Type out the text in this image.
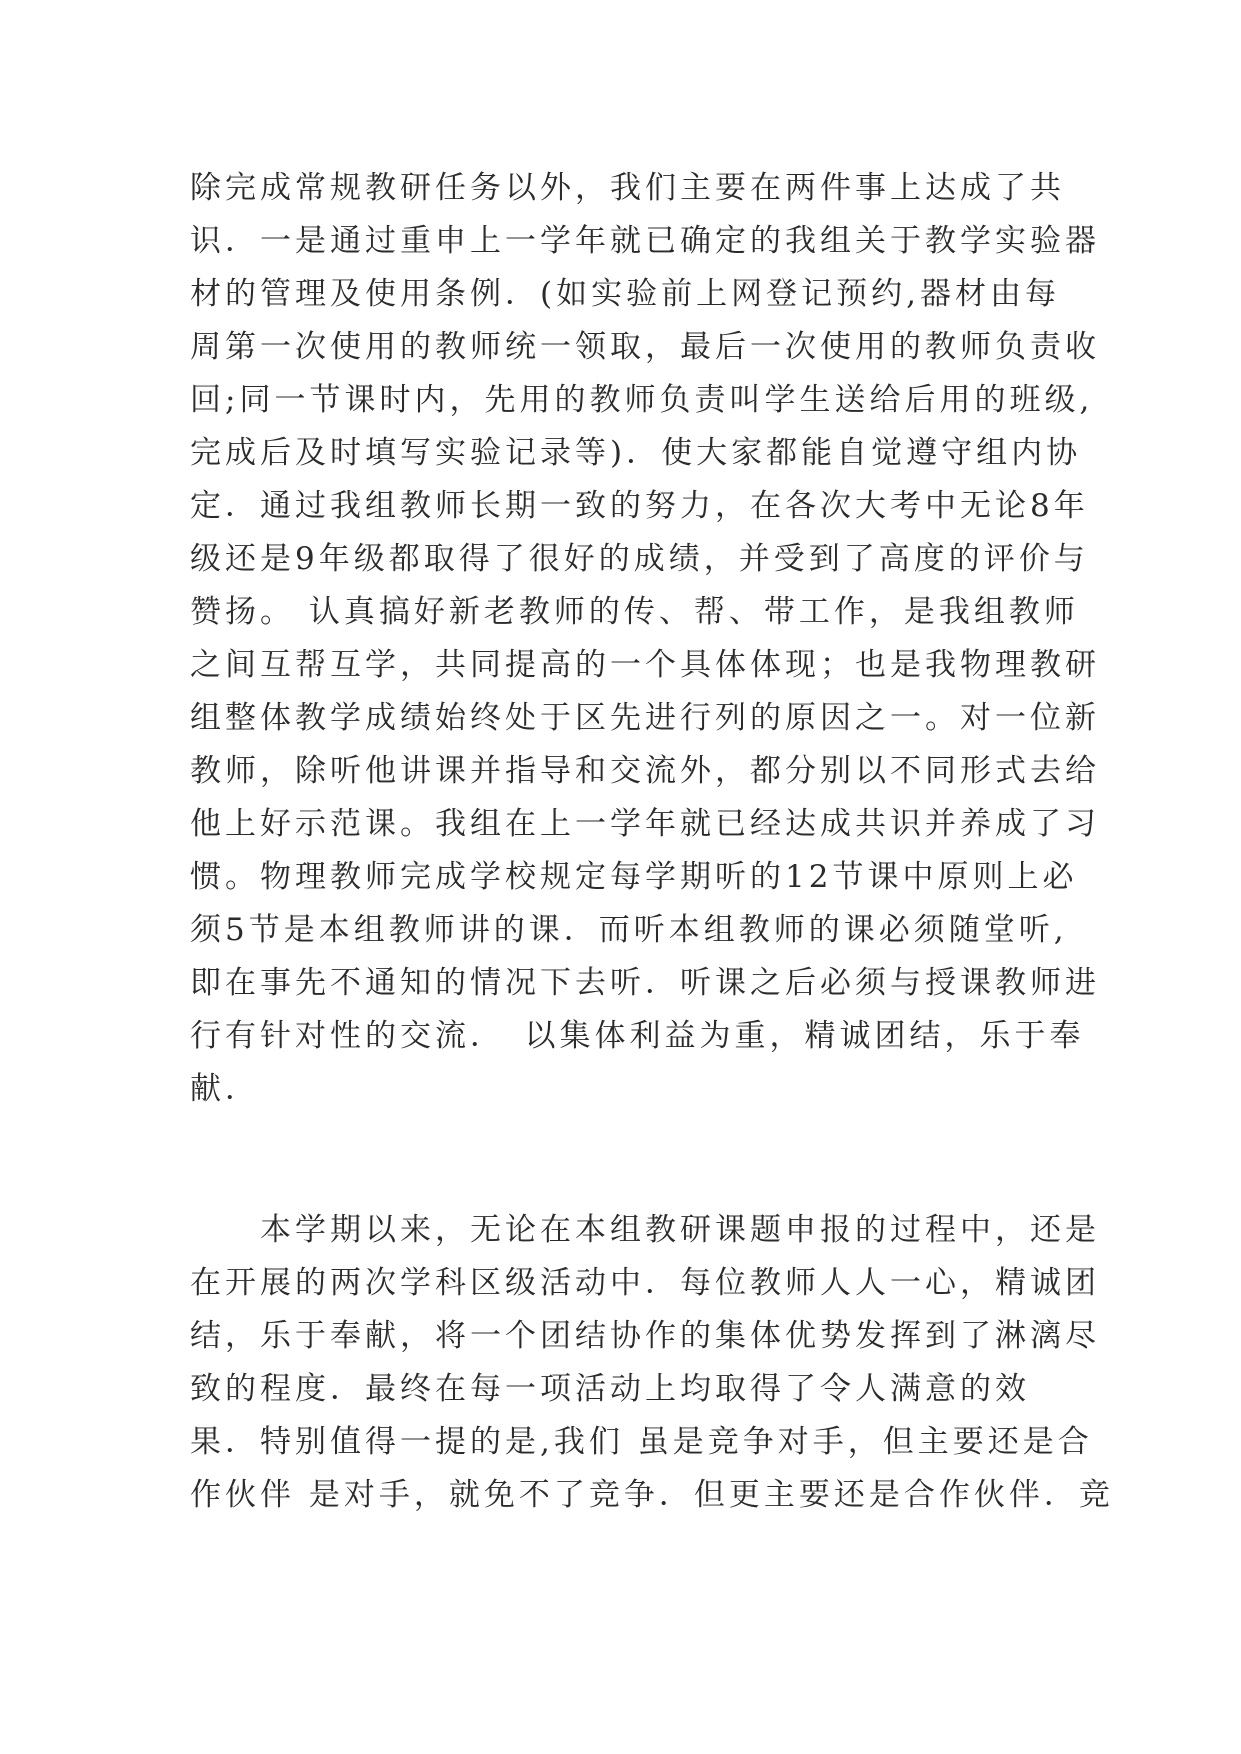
除完成常规教研任务以外，我们主要在两件事上达成了共
识．一是通过重申上一学年就已确定的我组关于教学实验器
材的管理及使用条例．(如实验前上网登记预约,器材由每
周第一次使用的教师统一领取，最后一次使用的教师负责收
回;同一节课时内，先用的教师负责叫学生送给后用的班级,
完成后及时填写实验记录等)．使大家都能自觉遵守组内协
定．通过我组教师长期一致的努力，在各次大考中无论8年
级还是9年级都取得了很好的成绩，并受到了高度的评价与
赞扬。 认真搞好新老教师的传、帮、带工作，是我组教师
之间互帮互学，共同提高的一个具体体现；也是我物理教研
组整体教学成绩始终处于区先进行列的原因之一。对一位新
教师，除听他讲课并指导和交流外，都分别以不同形式去给
他上好示范课。我组在上一学年就已经达成共识并养成了习
惯。物理教师完成学校规定每学期听的12节课中原则上必
须5节是本组教师讲的课．而听本组教师的课必须随堂听,
即在事先不通知的情况下去听．听课之后必须与授课教师进
行有针对性的交流．　以集体利益为重，精诚团结，乐于奉
献．
　　本学期以来，无论在本组教研课题申报的过程中，还是
在开展的两次学科区级活动中．每位教师人人一心，精诚团
结，乐于奉献，将一个团结协作的集体优势发挥到了淋漓尽
致的程度．最终在每一项活动上均取得了令人满意的效
果．特别值得一提的是,我们 虽是竞争对手，但主要还是合
作伙伴 是对手，就免不了竞争．但更主要还是合作伙伴．竞
